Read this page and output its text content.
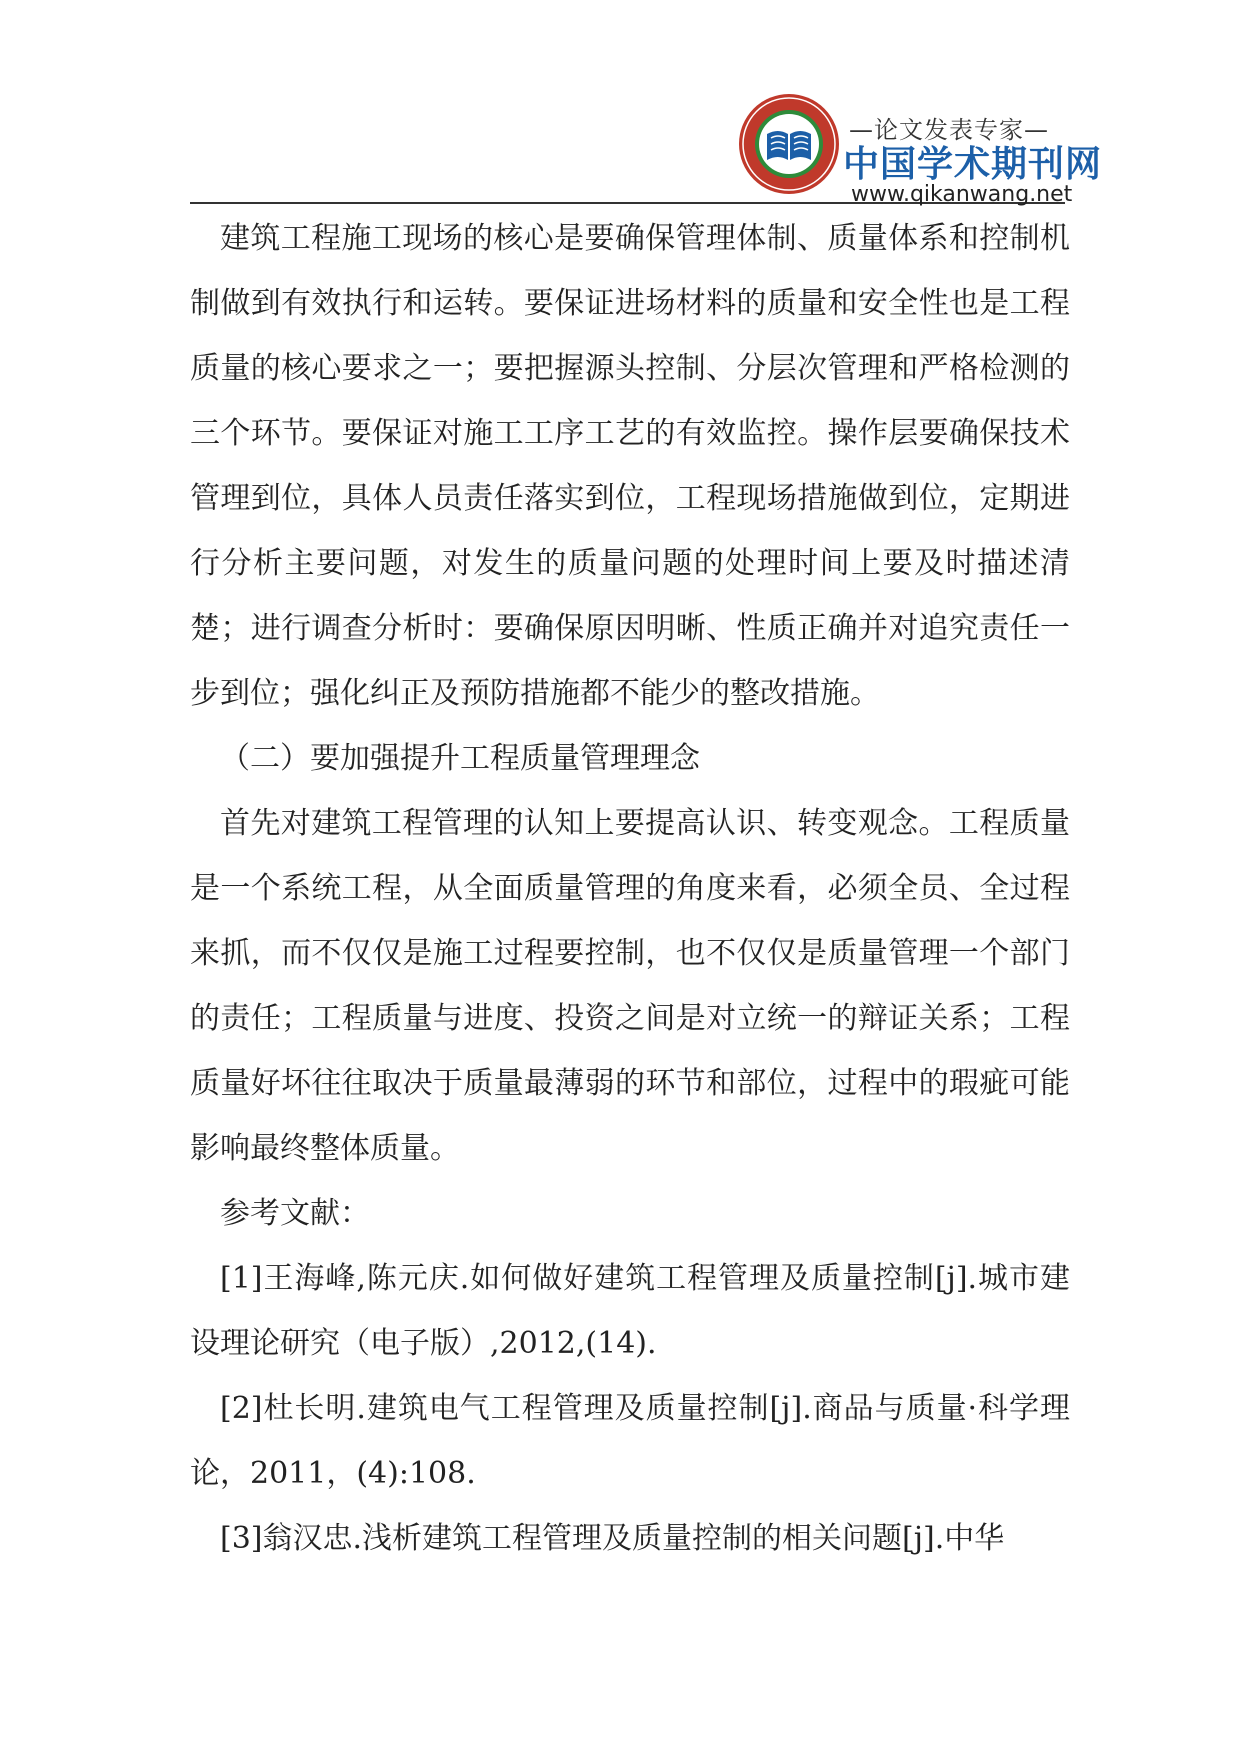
—论文发表专家—
中国学术期刊网
www.qikanwang.net

建筑工程施工现场的核心是要确保管理体制、质量体系和控制机制做到有效执行和运转。要保证进场材料的质量和安全性也是工程质量的核心要求之一；要把握源头控制、分层次管理和严格检测的三个环节。要保证对施工工序工艺的有效监控。操作层要确保技术管理到位，具体人员责任落实到位，工程现场措施做到位，定期进行分析主要问题，对发生的质量问题的处理时间上要及时描述清楚；进行调查分析时：要确保原因明晰、性质正确并对追究责任一步到位；强化纠正及预防措施都不能少的整改措施。

（二）要加强提升工程质量管理理念

首先对建筑工程管理的认知上要提高认识、转变观念。工程质量是一个系统工程，从全面质量管理的角度来看，必须全员、全过程来抓，而不仅仅是施工过程要控制，也不仅仅是质量管理一个部门的责任；工程质量与进度、投资之间是对立统一的辩证关系；工程质量好坏往往取决于质量最薄弱的环节和部位，过程中的瑕疵可能影响最终整体质量。

参考文献：

[1]王海峰,陈元庆.如何做好建筑工程管理及质量控制[j].城市建设理论研究（电子版）,2012,(14).

[2]杜长明.建筑电气工程管理及质量控制[j].商品与质量·科学理论，2011，(4):108.

[3]翁汉忠.浅析建筑工程管理及质量控制的相关问题[j].中华
